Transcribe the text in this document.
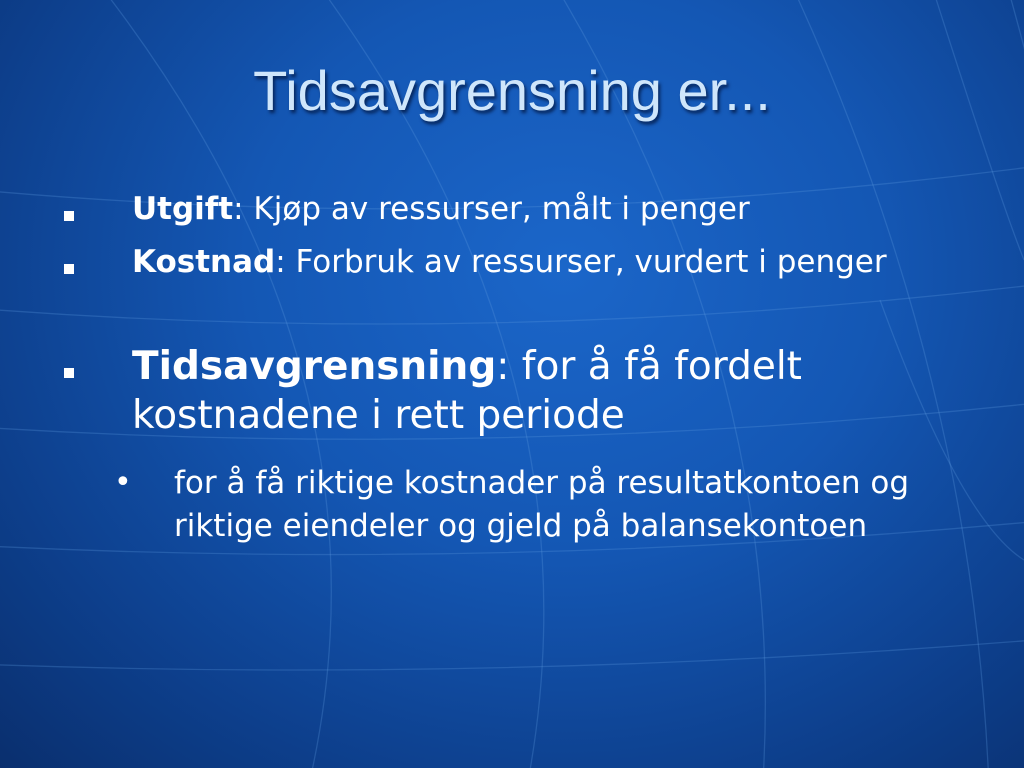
Tidsavgrensning er...
Utgift: Kjøp av ressurser, målt i penger
Kostnad: Forbruk av ressurser, vurdert i penger
Tidsavgrensning: for å få fordelt kostnadene i rett periode
• for å få riktige kostnader på resultatkontoen og riktige eiendeler og gjeld på balansekontoen
